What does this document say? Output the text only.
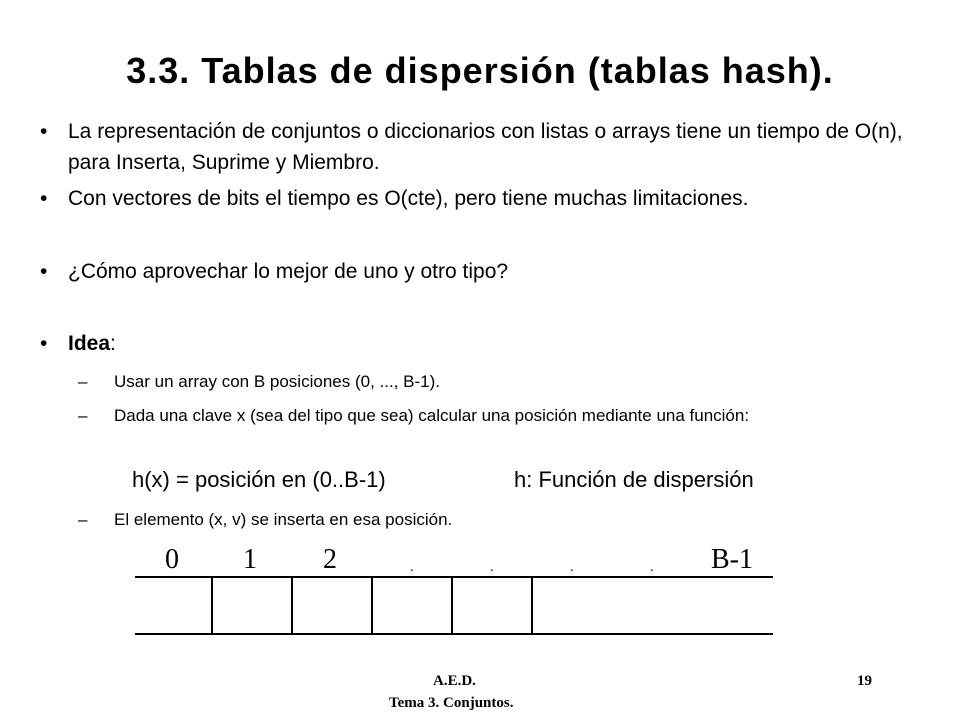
3.3. Tablas de dispersión (tablas hash).
• La representación de conjuntos o diccionarios con listas o arrays tiene un tiempo de O(n), para Inserta, Suprime y Miembro.
• Con vectores de bits el tiempo es O(cte), pero tiene muchas limitaciones.
• ¿Cómo aprovechar lo mejor de uno y otro tipo?
• Idea:
– Usar un array con B posiciones (0, ..., B-1).
– Dada una clave x (sea del tipo que sea) calcular una posición mediante una función:
h(x) = posición en (0..B-1)	h: Función de dispersión
– El elemento (x, v) se inserta en esa posición.
0 1 2	.	.	.	. B-1
A.E.D.
Tema 3. Conjuntos.
19
